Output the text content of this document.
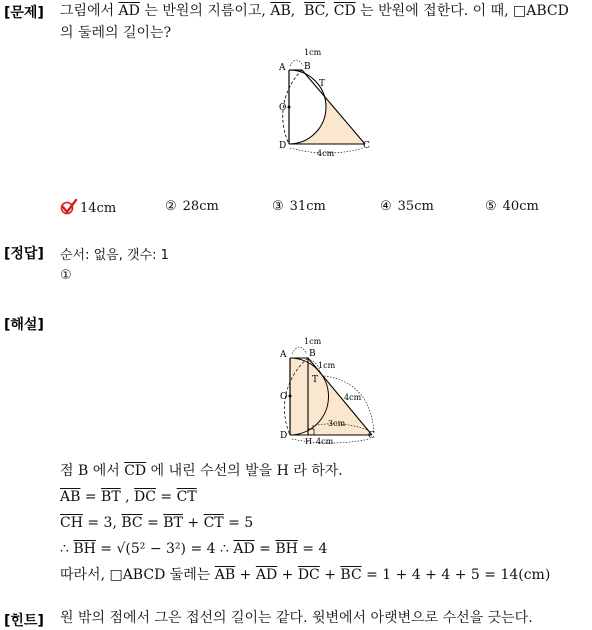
[문제] 그림에서 $\overline{AD}$ 는 반원의 지름이고, $\overline{AB}$,  $\overline{BC}$, $\overline{CD}$ 는 반원에 접한다. 이 때, □ABCD
의 둘레의 길이는?
A B
T
O
D	C
1cm
4cm
14cm	② 28cm	③ 31cm	④ 35cm	⑤ 40cm
[정답] 순서: 없음, 갯수: 1
①
[해설]
A	B
T
O
D
H
C
1cm
1cm
4cm
3cm
4cm
점 B 에서 $\overline{CD}$ 에 내린 수선의 발을 H 라 하자.
$\overline{AB} = \overline{BT}$ , $\overline{DC} = \overline{CT}$
$\overline{CH} = 3$, $\overline{BC} = \overline{BT} + \overline{CT} = 5$
∴ $\overline{BH} = √(5^2 - 3^2) = 4$ ∴ $\overline{AD} = \overline{BH} = 4$
따라서, □ABCD 둘레는 $\overline{AB} + \overline{AD} + \overline{DC} + \overline{BC} = 1 + 4 + 4 + 5 = 14(cm)$
[힌트] 원 밖의 점에서 그은 접선의 길이는 같다. 윗변에서 아랫변으로 수선을 긋는다.
